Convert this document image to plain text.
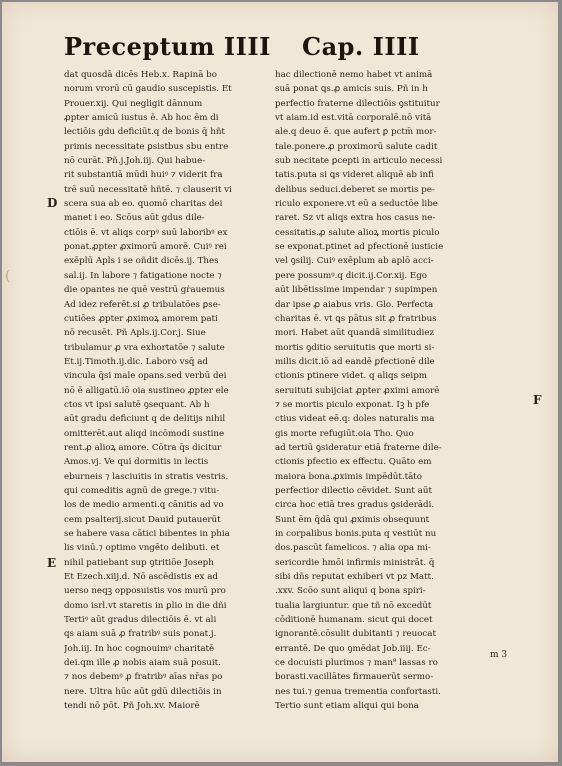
Preceptum IIII Cap. IIII
dat quosdā dicēs Heb.x. Rapinā bo
norum vrorū cū gaudio suscepistis. Et
Prouer.xij. Qui negligit dānnum
ꝓpter amicū iustus ē. Ab hoc ēm di
lectiōis gdu deficiūt.q de bonis q̄ hñt
primis necessitate ꝑsistbus sbu entre
nō curāt. Pñ.j.Joh.iij. Qui habue-
rit substantiā mūdi huiꝰ ⁊ viderit fra
trē suū necessitatē hñtē. ⁊ clauserit vi
scera sua ab eo. quomō charitas dei
manet i eo. Scōus aūt gdus dile-
ctiōis ē. vt aliqs corpꝰ suū laboribꝰ ex
ponat.ꝓpter ꝓximorū amorē. Cuiꝰ rei
exēplū Apls i se oñdit dicēs.ij. Thes
sal.ij. In labore ⁊ fatigatione nocte ⁊
die opantes ne quē vestrū gṙauemus
Ad idez referēt.si ꝓ tribulatōes ꝑse-
cutiōes ꝓpter ꝓximoꝝ amorem pati
nō recusēt. Pñ Apls.ij.Cor.j. Siue
tribulamur ꝓ vra exhortatōe ⁊ salute
Et.ij.Timoth.ij.dic. Laboro vsq̄ ad
vincula q̄si male opans.sed verbū dei
nō ē alligatū.iō oia sustineo ꝓpter ele
ctos vt ipsi salutē ꝯsequant. Ab h
aūt gradu deficiunt q de delitijs nihil
omitterēt.aut aliqd incōmodi sustine
rent.ꝓ alioꝝ amore. Cōtra q̄s dicitur
Amos.vj. Ve qui dormitis in lectis
eburneis ⁊ lasciuitis in stratis vestris.
qui comeditis agnū de grege.⁊ vitu-
los de medio armenti.q cānitis ad vo
cem psalterij.sicut Dauid putauerūt
se habere vasa cātici bibentes in phia
lis vinū.⁊ optimo vngēto delibuti. et
nihil patiebant sup ꝯtritiōe Joseph
Et Ezech.xiij.d. Nō ascēdistis ex ad
uerso neqꝫ opposuistis vos murū pro
domo isrl.vt staretis in ꝑlio in die dñi
Tertiꝰ aūt gradus dilectiōis ē. vt ali
qs aiam suā ꝓ fratribꝰ suis ponat.j.
Joh.iij. In hoc cognouimꝰ charitatē
dei.qm ille ꝓ nobis aiam suā posuit.
⁊ nos debemꝰ ꝓ fratribꝰ aīas nr̄as po
nere. Ultra hūc aūt gdū dilectiōis in
tendi nō pōt. Pñ Joh.xv. Maiorē
hac dilectionē nemo habet vt animā
suā ponat ꝗs.ꝓ amicis suis. Pñ in h
perfectio fraterne dilectiōis ꝯstituitur
vt aiam.id est.vitā corporalē.nō vitā
ale.q deuo ē. que aufert ꝑ pctm̄ mor-
tale.ponere.ꝓ proximorū salute cadit
sub necitate ꝑcepti in articulo necessi
tatis.puta si ꝗs videret aliquē ab infi
delibus seduci.deberet se mortis pe-
riculo exponere.vt eū a seductōe libe
raret. Sz vt aliqs extra hos casus ne-
cessitatis.ꝓ salute alioꝝ mortis piculo
se exponat.ptinet ad pfectionē iusticie
vel ꝯsilij. Cuiꝰ exēplum ab aplō acci-
pere possumꝰ.q dicit.ij.Cor.xij. Ego
aūt libētissime impendar ⁊ supimpen
dar ipse ꝓ aiabus vris. Glo. Perfecta
charitas ē. vt ꝗs pātus sit ꝓ fratribus
mori. Habet aūt quandā similitudiez
mortis ꝯditio seruitutis que morti si-
milis dicit.iō ad eandē ꝑfectionē dile
ctionis ptinere videt. q aliqs seipm
seruituti subijciat ꝓpter ꝓximi amorē
⁊ se mortis piculo exponat. Iꝫ h pfe
ctius videat eē.q: doles naturalis ma
gis morte refugiūt.oia Tho. Quo
ad tertiū ꝯsideratur etiā fraterne dile-
ctionis pfectio ex effectu. Quāto em
maiora bona.ꝓximis impēdūt.tāto
perfectior dilectio cēvidet. Sunt aūt
circa hoc etiā tres gradus ꝯsiderādi.
Sunt ēm q̄dā qui ꝓximis obsequunt
in corpalibus bonis.puta q vestiūt nu
dos.pascūt famelicos. ⁊ alia opa mi-
sericordie hmōi infirmis ministrāt. q̄
sibi dñs reputat exhiberi vt pz Matt.
.xxv. Scōo sunt aliqui q bona spiri-
tualia largiuntur. que tñ nō excedūt
cōditionē humanam. sicut qui docet
ignorantē.cōsulit dubitanti ⁊ reuocat
errantē. De quo ꝯmēdat Job.iiij. Ec-
ce docuisti plurimos ⁊ man⁹ lassas ro
borasti.vacillātes firmauerūt sermo-
nes tui.⁊ genua trementia confortasti.
Tertio sunt etiam aliqui qui bona
D
E
F
(
m 3
